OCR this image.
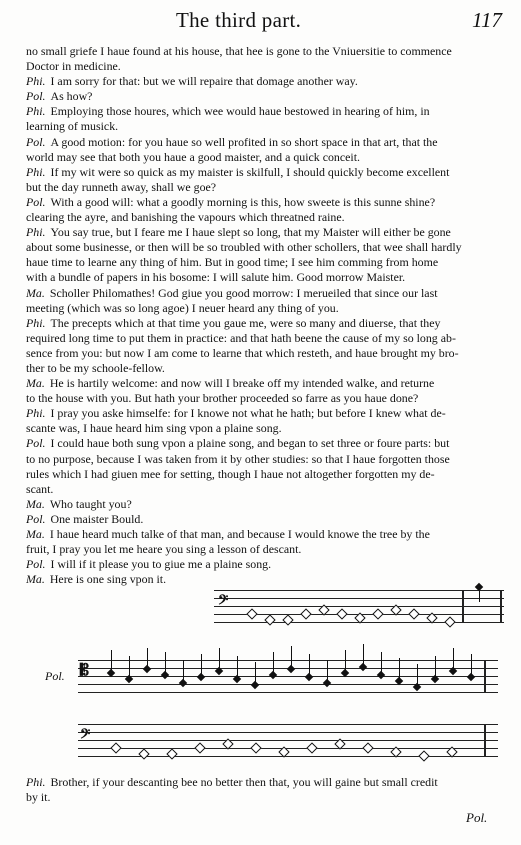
The third part.	117
no small griefe I haue found at his house, that hee is gone to the Vniuersitie to commence
Doctor in medicine.
Phi. I am sorry for that: but we will repaire that domage another way.
Pol. As how?
Phi. Employing those houres, which wee would haue bestowed in hearing of him, in
learning of musick.
Pol. A good motion: for you haue so well profited in so short space in that art, that the
world may see that both you haue a good maister, and a quick conceit.
Phi. If my wit were so quick as my maister is skilfull, I should quickly become excellent
but the day runneth away, shall we goe?
Pol. With a good will: what a goodly morning is this, how sweete is this sunne shine?
clearing the ayre, and banishing the vapours which threatned raine.
Phi. You say true, but I feare me I haue slept so long, that my Maister will either be gone
about some businesse, or then will be so troubled with other schollers, that wee shall hardly
haue time to learne any thing of him. But in good time; I see him comming from home
with a bundle of papers in his bosome: I will salute him. Good morrow Maister.
Ma. Scholler Philomathes! God giue you good morrow: I merueiled that since our last
meeting (which was so long agoe) I neuer heard any thing of you.
Phi. The precepts which at that time you gaue me, were so many and diuerse, that they
required long time to put them in practice: and that hath beene the cause of my so long ab-
sence from you: but now I am come to learne that which resteth, and haue brought my bro-
ther to be my schoole-fellow.
Ma. He is hartily welcome: and now will I breake off my intended walke, and returne
to the house with you. But hath your brother proceeded so farre as you haue done?
Phi. I pray you aske himselfe: for I knowe not what he hath; but before I knew what de-
scante was, I haue heard him sing vpon a plaine song.
Pol. I could haue both sung vpon a plaine song, and began to set three or foure parts: but
to no purpose, because I was taken from it by other studies: so that I haue forgotten those
rules which I had giuen mee for setting, though I haue not altogether forgotten my de-
scant.
Ma. Who taught you?
Pol. One maister Bould.
Ma. I haue heard much talke of that man, and because I would knowe the tree by the
fruit, I pray you let me heare you sing a lesson of descant.
Pol. I will if it please you to giue me a plaine song.
Ma. Here is one sing vpon it.
𝄢
Pol. 𝄡
𝄢
Phi. Brother, if your descanting bee no better then that, you will gaine but small credit
by it.
Pol.
